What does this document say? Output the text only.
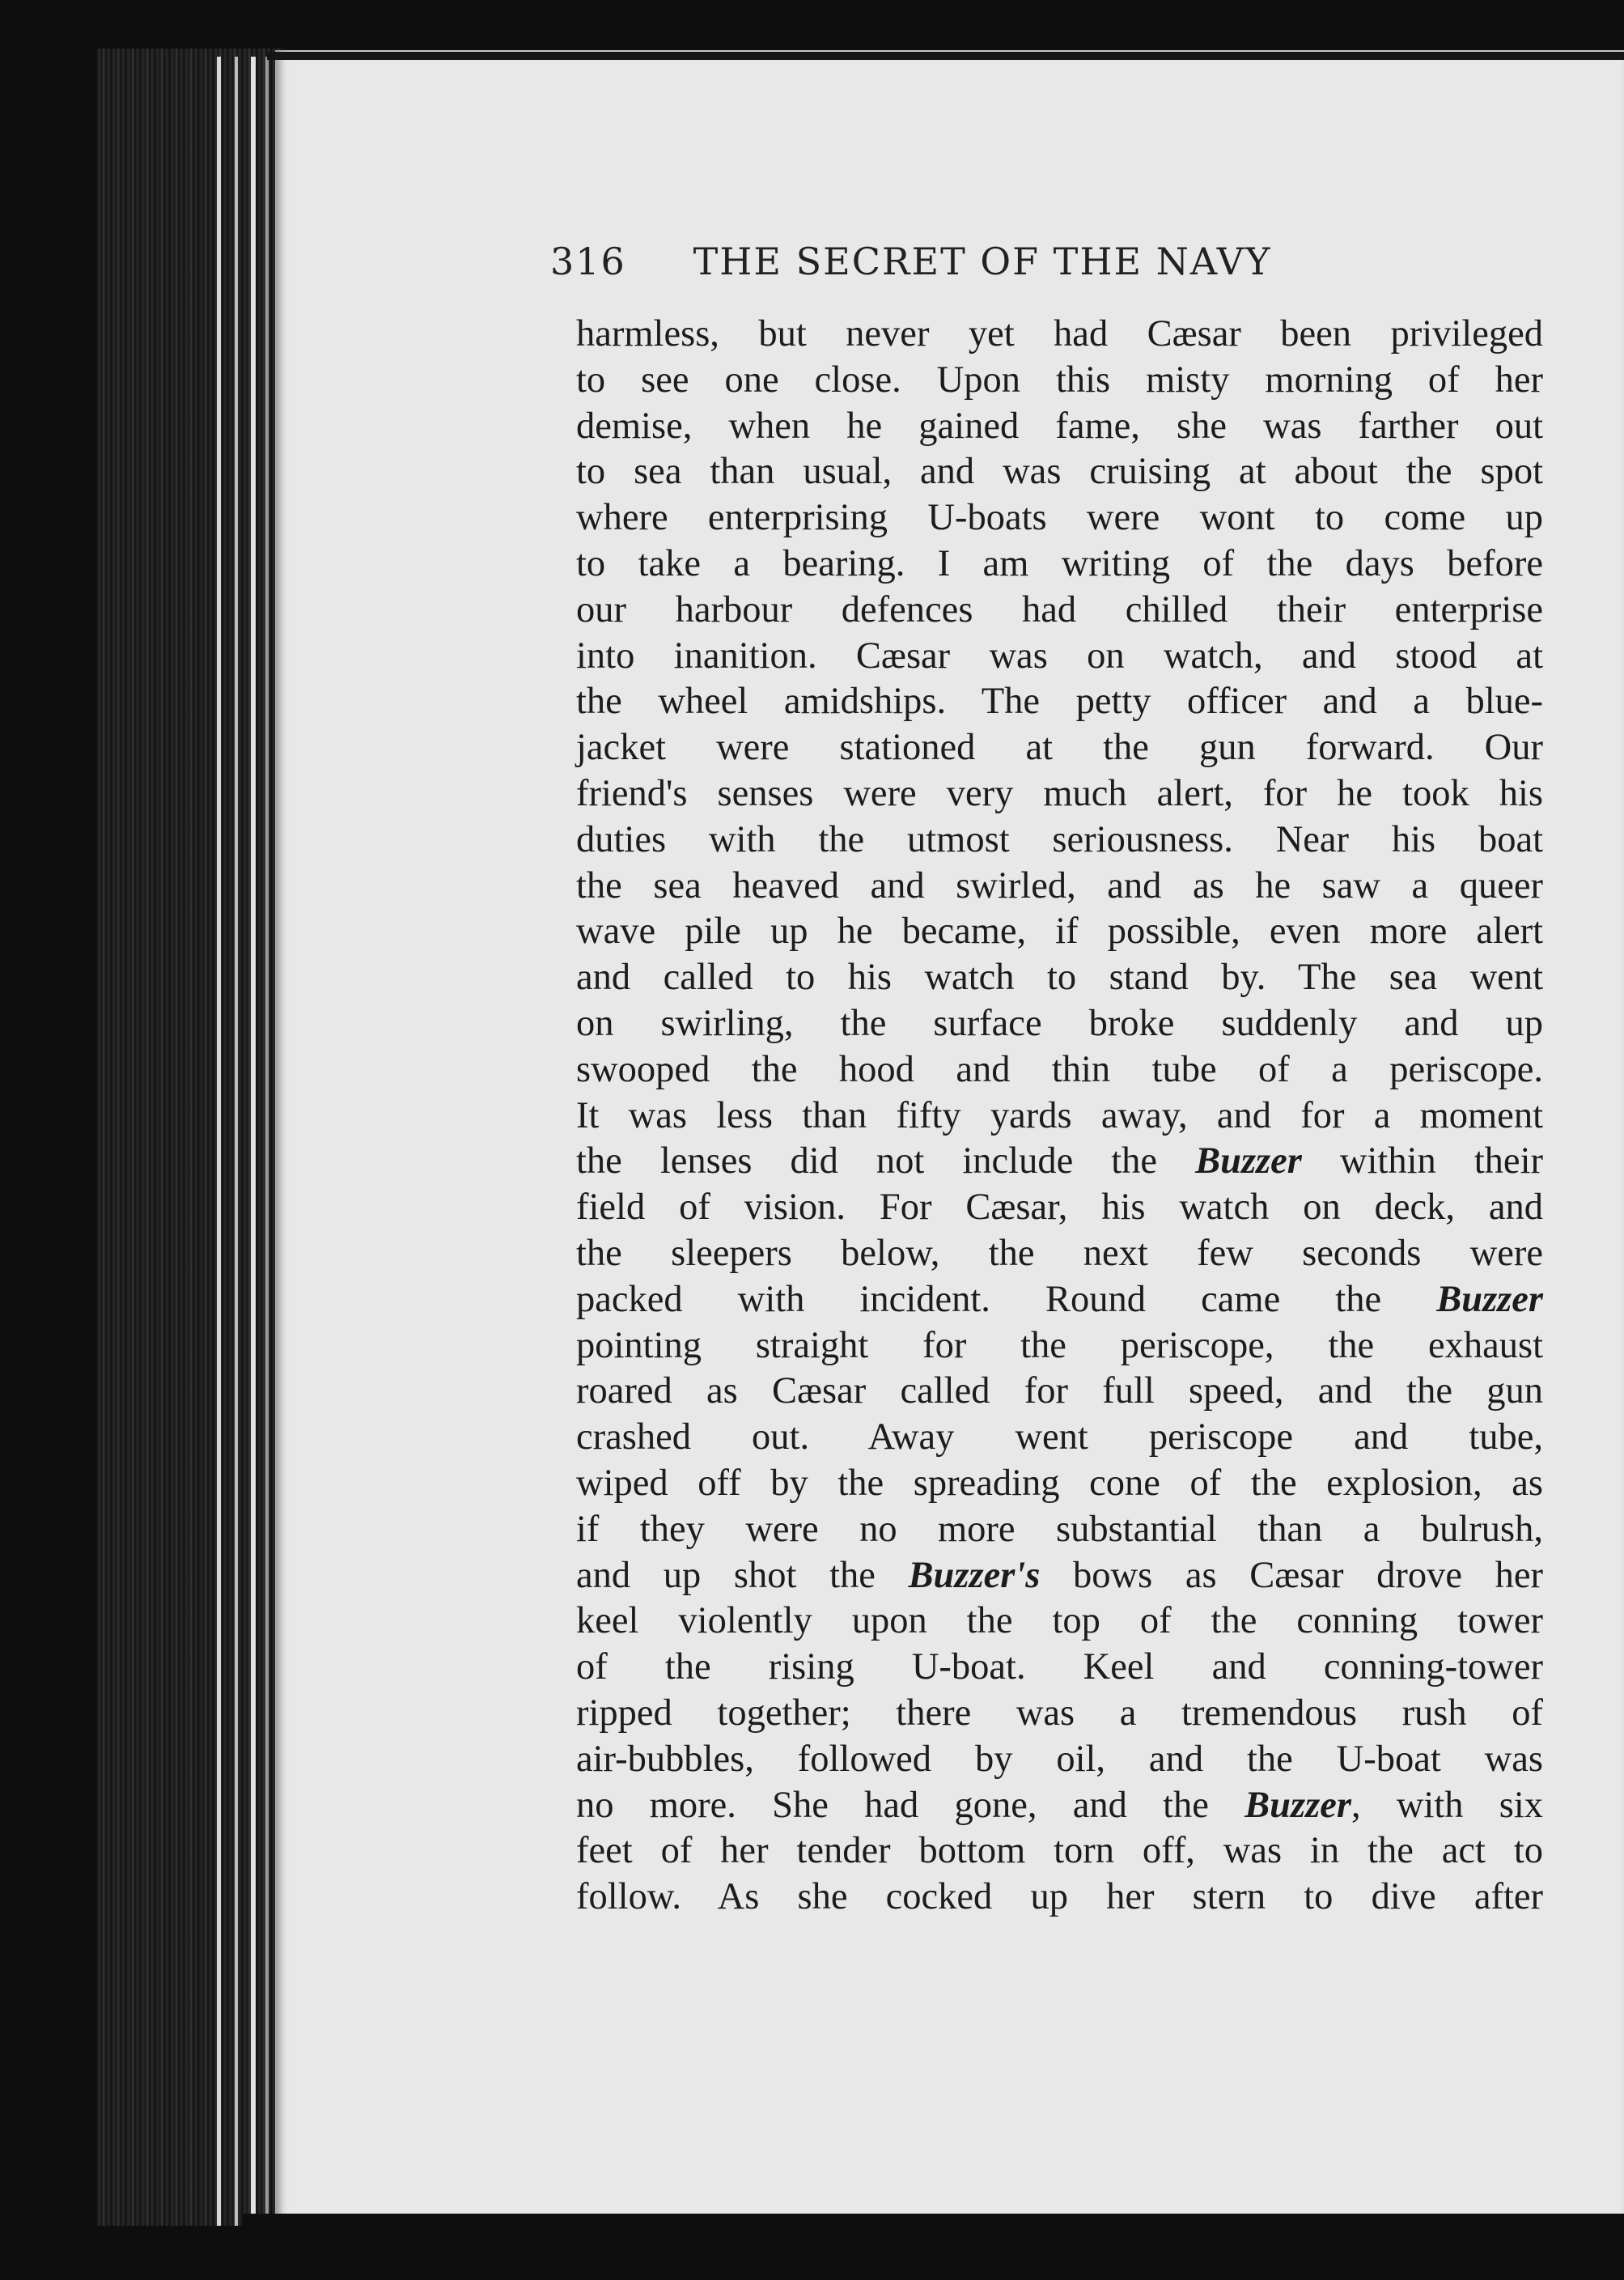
316 THE SECRET OF THE NAVY
harmless, but never yet had Cæsar been privileged
to see one close. Upon this misty morning of her
demise, when he gained fame, she was farther out
to sea than usual, and was cruising at about the spot
where enterprising U-boats were wont to come up
to take a bearing. I am writing of the days before
our harbour defences had chilled their enterprise
into inanition. Cæsar was on watch, and stood at
the wheel amidships. The petty officer and a blue-
jacket were stationed at the gun forward. Our
friend's senses were very much alert, for he took his
duties with the utmost seriousness. Near his boat
the sea heaved and swirled, and as he saw a queer
wave pile up he became, if possible, even more alert
and called to his watch to stand by. The sea went
on swirling, the surface broke suddenly and up
swooped the hood and thin tube of a periscope.
It was less than fifty yards away, and for a moment
the lenses did not include the Buzzer within their
field of vision. For Cæsar, his watch on deck, and
the sleepers below, the next few seconds were
packed with incident. Round came the Buzzer
pointing straight for the periscope, the exhaust
roared as Cæsar called for full speed, and the gun
crashed out. Away went periscope and tube,
wiped off by the spreading cone of the explosion, as
if they were no more substantial than a bulrush,
and up shot the Buzzer's bows as Cæsar drove her
keel violently upon the top of the conning tower
of the rising U-boat. Keel and conning-tower
ripped together; there was a tremendous rush of
air-bubbles, followed by oil, and the U-boat was
no more. She had gone, and the Buzzer, with six
feet of her tender bottom torn off, was in the act to
follow. As she cocked up her stern to dive after
